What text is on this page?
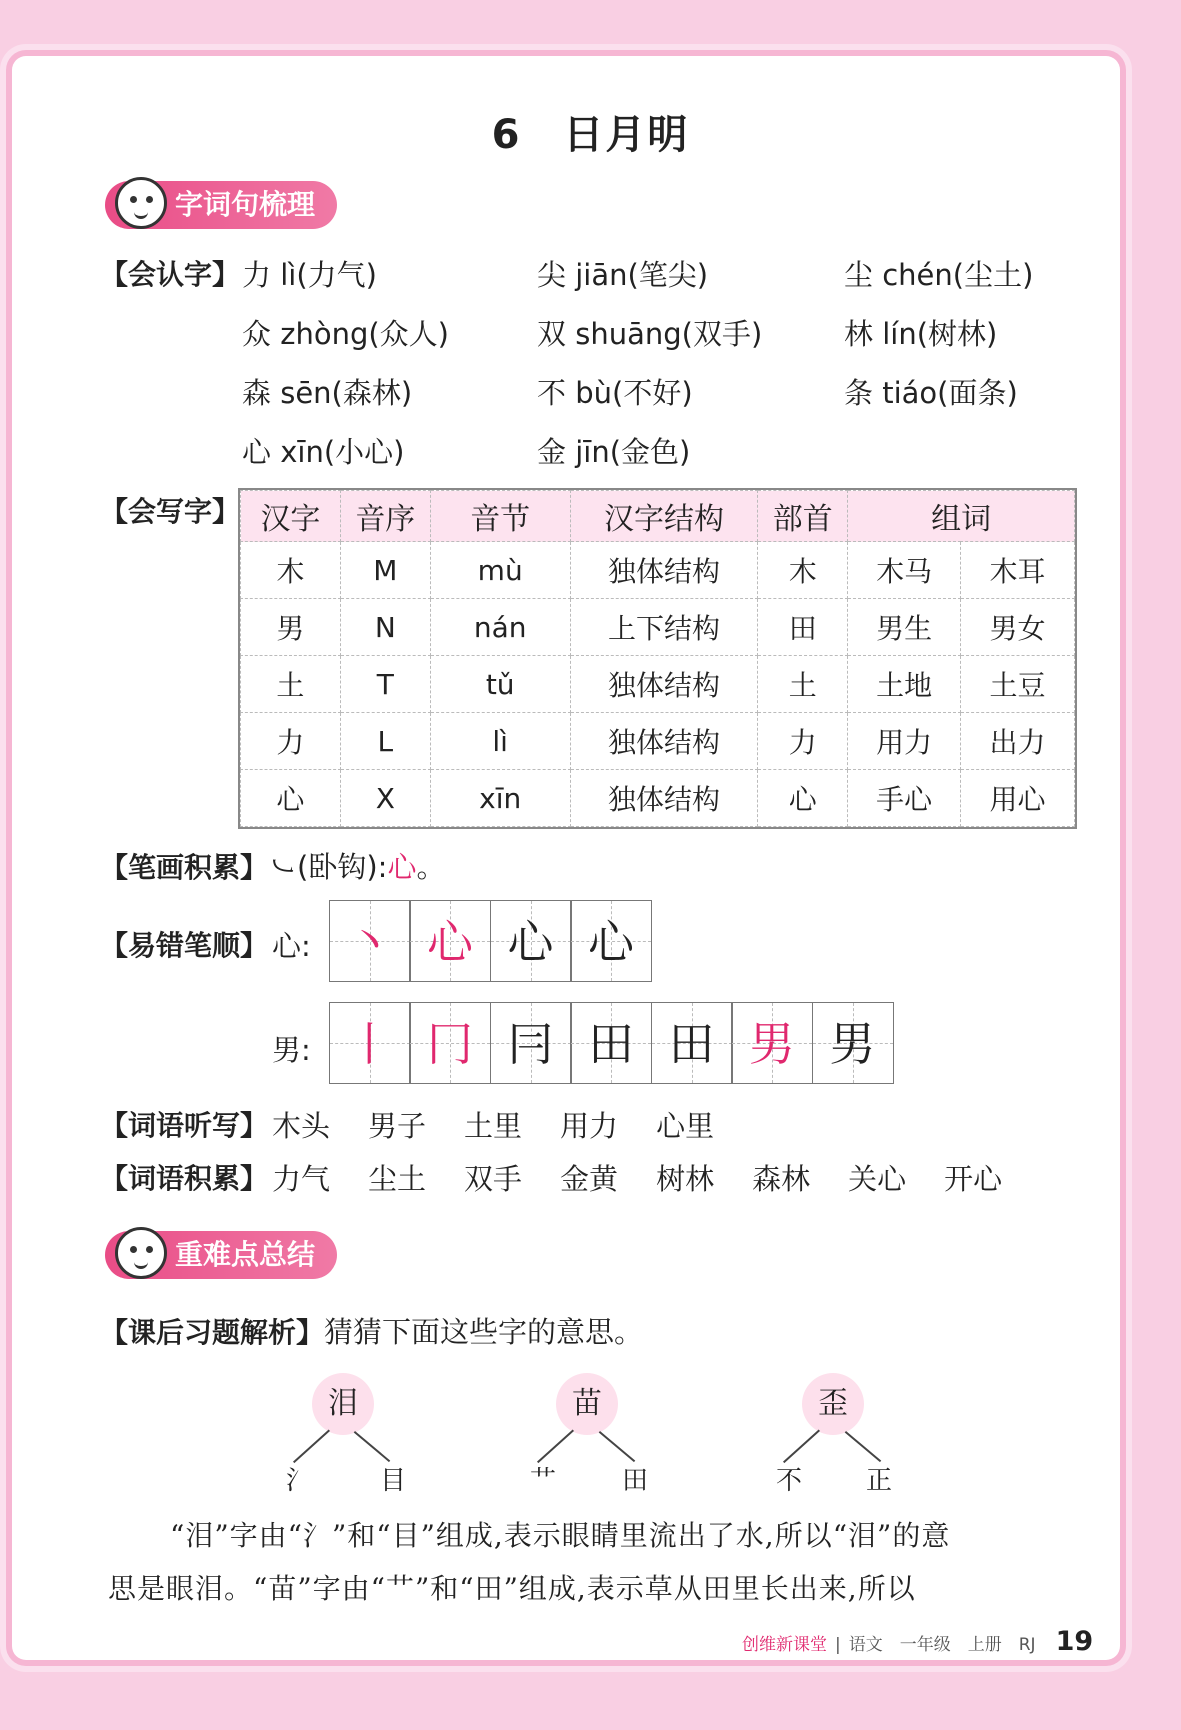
6　日月明
字词句梳理
【会认字】 力 lì(力气)	尖 jiān(笔尖)	尘 chén(尘土)
众 zhòng(众人)	双 shuāng(双手)	林 lín(树林)
森 sēn(森林)	不 bù(不好)	条 tiáo(面条)
心 xīn(小心)	金 jīn(金色)
【会写字】 汉字	音序	音节	汉字结构	部首	组词	
木	M	mù	独体结构	木	木马	木耳
男	N	nán	上下结构	田	男生	男女
土	T	tǔ	独体结构	土	土地	土豆
力	L	lì	独体结构	力	用力	出力
心	X	xīn	独体结构	心	手心	用心
【笔画积累】㇃(卧钩):心。
【易错笔顺】 心: 丶 心 心 心
男: 丨 冂 冃 田 田 男 男
【词语听写】 木头 男子 土里 用力 心里
【词语积累】 力气 尘土 双手 金黄 树林 森林 关心 开心
重难点总结
【课后习题解析】猜猜下面这些字的意思。
泪
氵	目
苗
艹	田
歪
不 正
“泪”字由“氵”和“目”组成,表示眼睛里流出了水,所以“泪”的意
思是眼泪。“苗”字由“艹”和“田”组成,表示草从田里长出来,所以
创维新课堂 | 语文　一年级　上册　RJ 19
